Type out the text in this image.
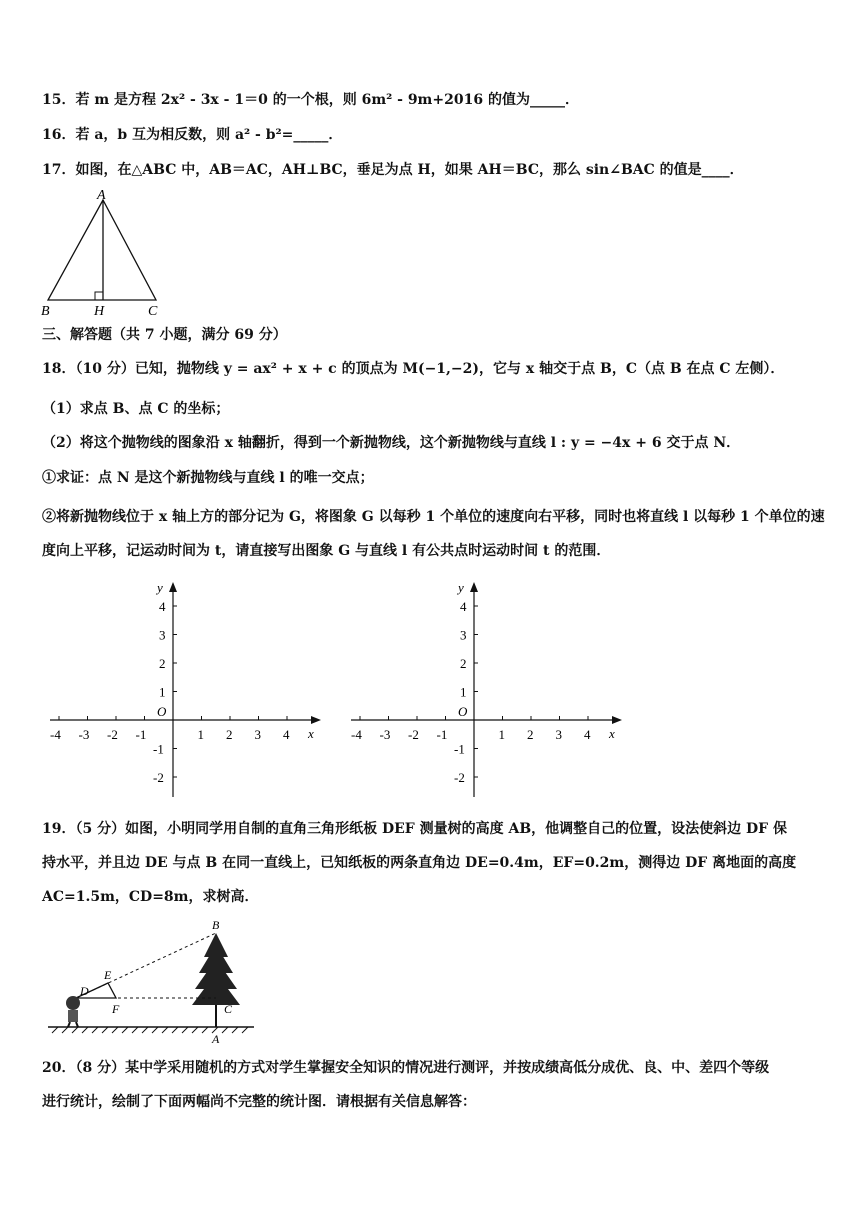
15．若 m 是方程 2x² - 3x - 1＝0 的一个根，则 6m² - 9m+2016 的值为_____．
16．若 a，b 互为相反数，则 a² - b²=_____．
17．如图，在△ABC 中，AB＝AC，AH⊥BC，垂足为点 H，如果 AH＝BC，那么 sin∠BAC 的值是____．
A
B	H	C
三、解答题（共 7 小题，满分 69 分）
18．（10 分）已知，抛物线 y = ax² + x + c 的顶点为 M(−1,−2)，它与 x 轴交于点 B，C（点 B 在点 C 左侧）．
（1）求点 B、点 C 的坐标；
（2）将这个抛物线的图象沿 x 轴翻折，得到一个新抛物线，这个新抛物线与直线 l : y = −4x + 6 交于点 N．
①求证：点 N 是这个新抛物线与直线 l 的唯一交点；
②将新抛物线位于 x 轴上方的部分记为 G，将图象 G 以每秒 1 个单位的速度向右平移，同时也将直线 l 以每秒 1 个单位的速度向上平移，记运动时间为 t，请直接写出图象 G 与直线 l 有公共点时运动时间 t 的范围．
x
y
O
-4 -3 -2 -1	1 2 3 4
4
3
2
1
-1
-2
x
y
O
-4 -3 -2 -1	1 2 3 4
4
3
2
1
-1
-2
19．（5 分）如图，小明同学用自制的直角三角形纸板 DEF 测量树的高度 AB，他调整自己的位置，设法使斜边 DF 保
持水平，并且边 DE 与点 B 在同一直线上，已知纸板的两条直角边 DE=0.4m，EF=0.2m，测得边 DF 离地面的高度
AC=1.5m，CD=8m，求树高．
B
E
D
F	C
A
20．（8 分）某中学采用随机的方式对学生掌握安全知识的情况进行测评，并按成绩高低分成优、良、中、差四个等级
进行统计，绘制了下面两幅尚不完整的统计图．请根据有关信息解答：
